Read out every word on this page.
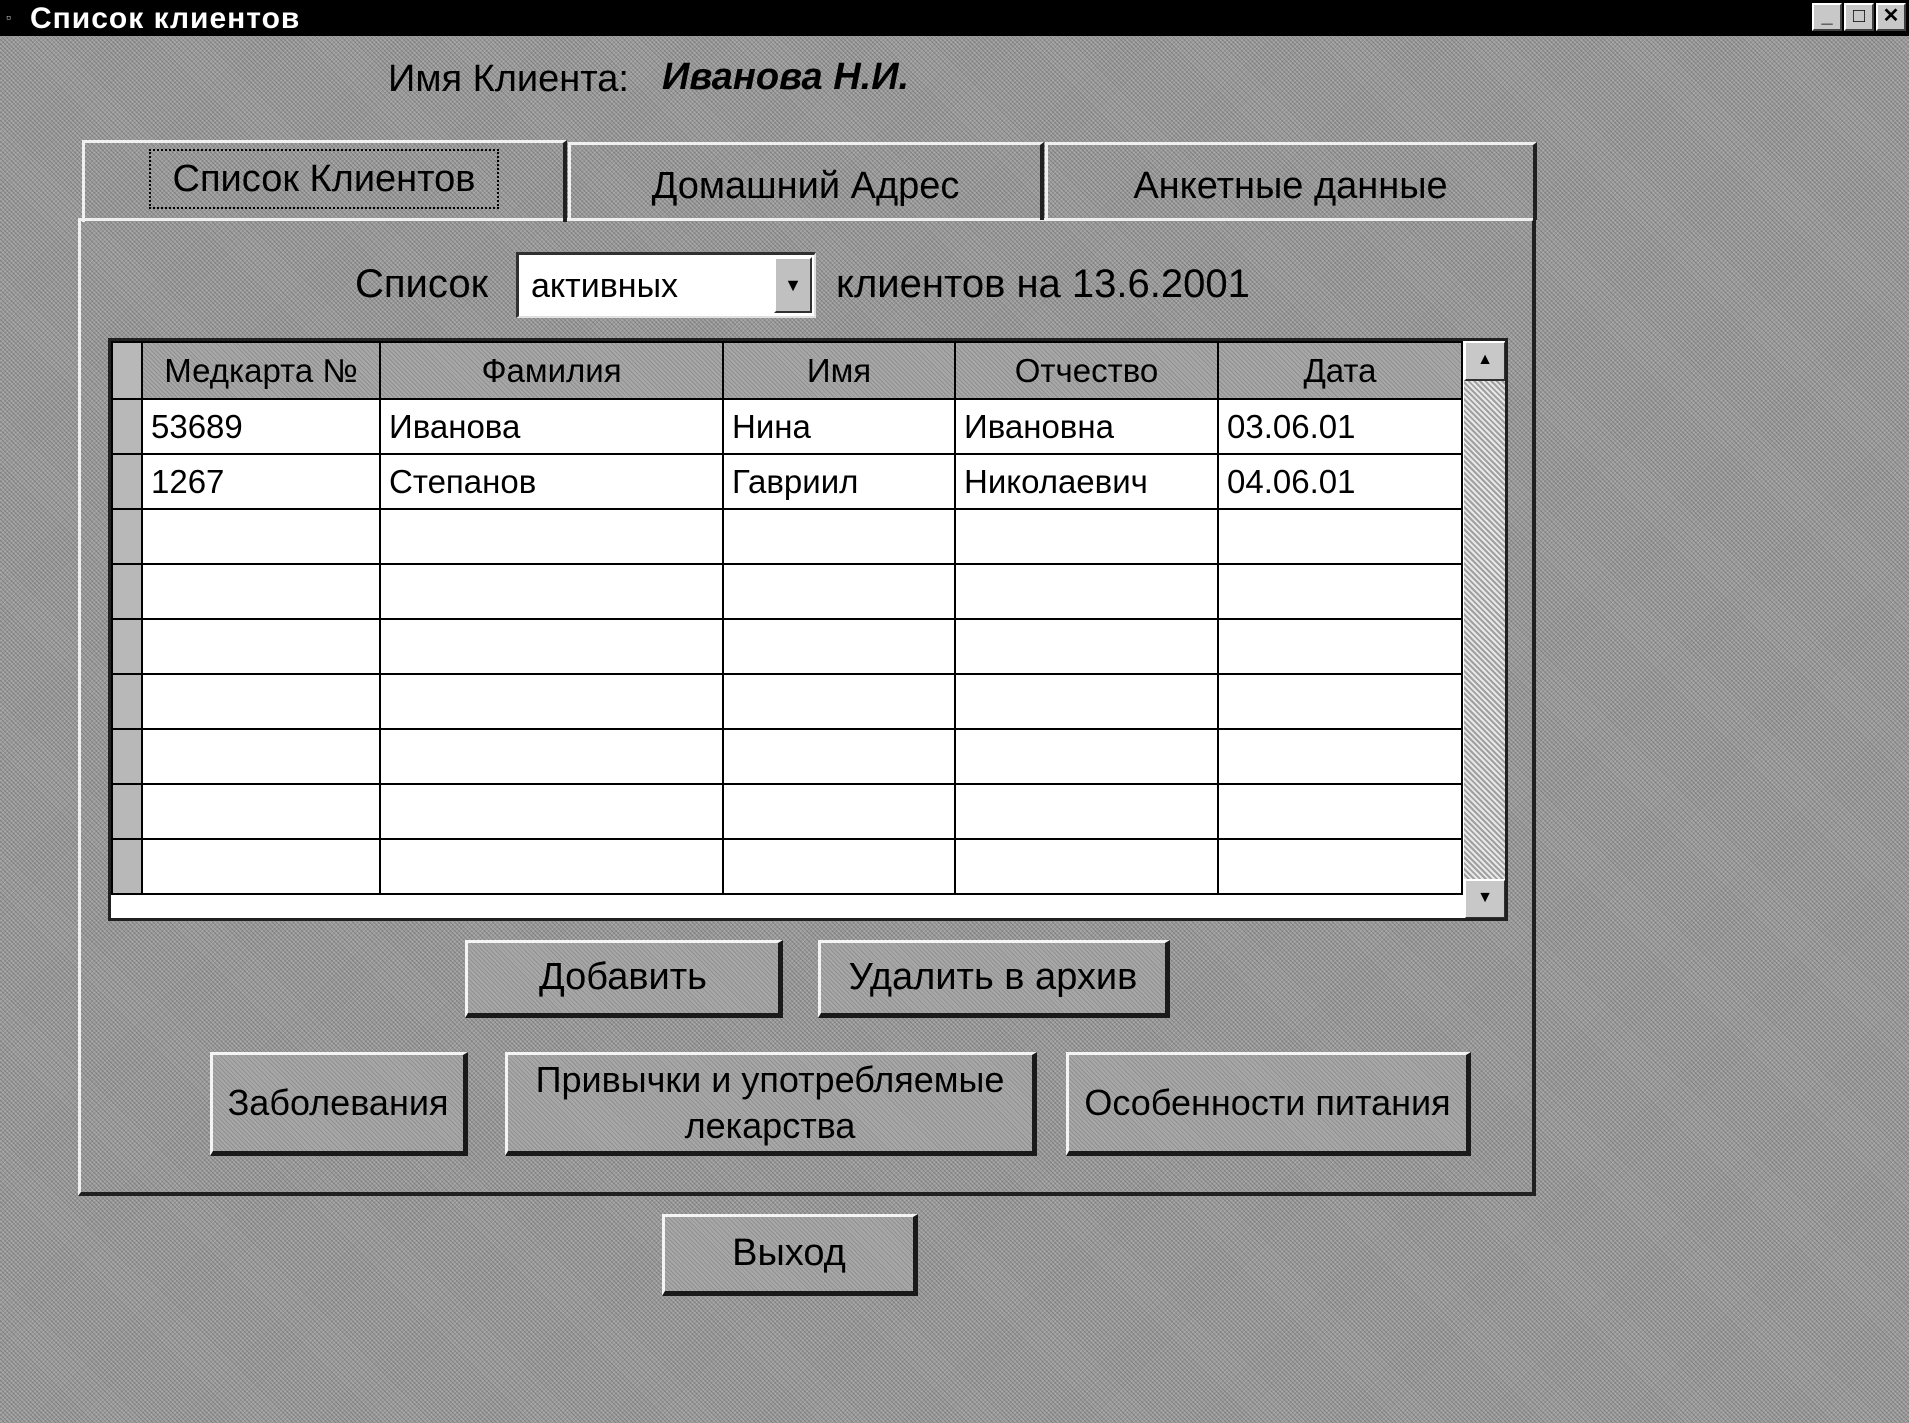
▫ Список клиентов	_	□ ✕
Имя Клиента: Иванова Н.И.
Список Клиентов	Домашний Адрес	Анкетные данные
Список активных	▼ клиентов на 13.6.2001
	Медкарта №	Фамилия	Имя	Отчество	Дата
	53689	Иванова	Нина	Ивановна	03.06.01
	1267	Степанов	Гавриил	Николаевич	04.06.01

▲
▼
Добавить	Удалить в архив
Заболевания
Привычки и употребляемые
лекарства
Особенности питания
Выход
